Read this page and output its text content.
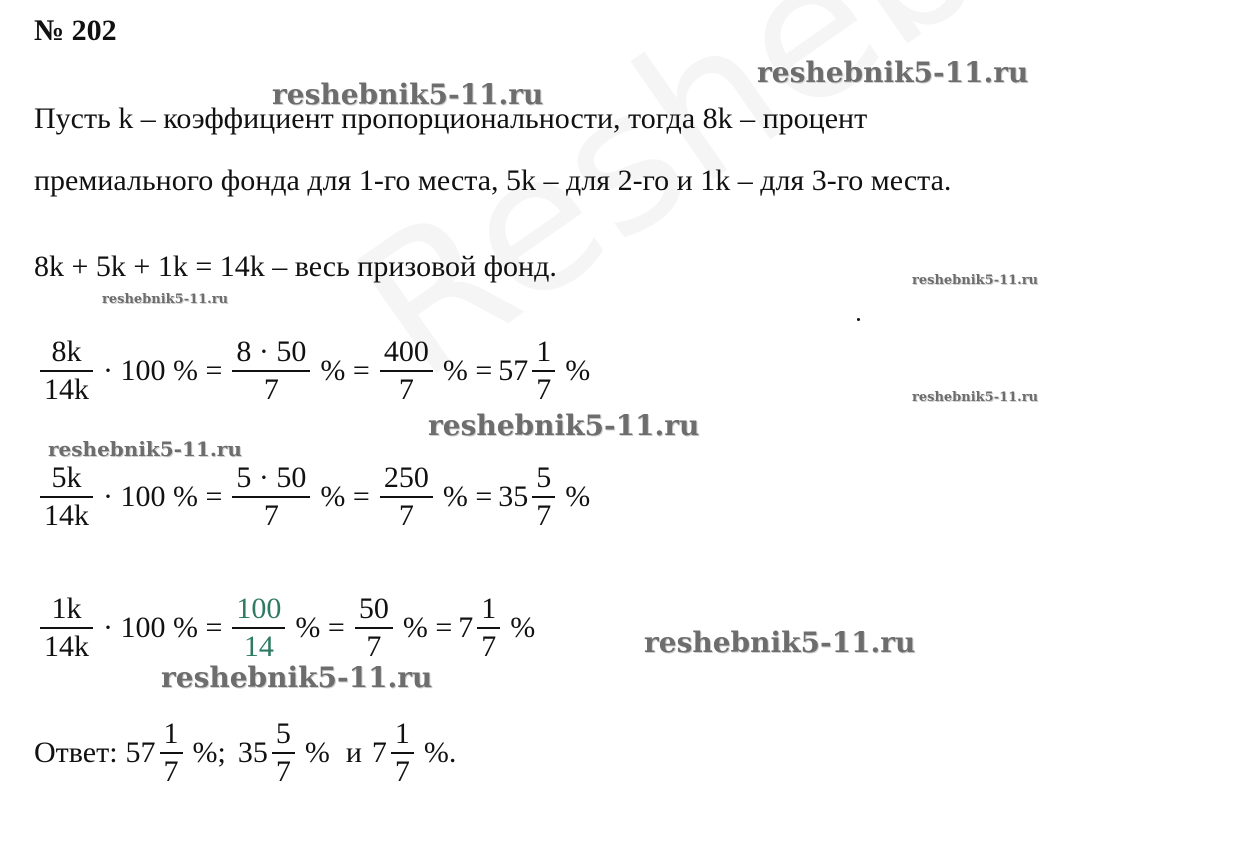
№ 202
reshebnik5-11.ru
reshebnik5-11.ru
reshebnik5-11.ru
reshebnik5-11.ru
reshebnik5-11.ru
reshebnik5-11.ru
reshebnik5-11.ru
reshebnik5-11.ru
reshebnik5-11.ru
Пусть k – коэффициент пропорциональности, тогда 8k – процент
премиального фонда для 1-го места, 5k – для 2-го и 1k – для 3-го места.
8k + 5k + 1k = 14k – весь призовой фонд.
$\frac{8k}{14k} \cdot 100$ % = $\frac{8 \cdot 50}{7}$ % = $\frac{400}{7}$ % = $57 \frac{1}{7}$ %
$\frac{5k}{14k} \cdot 100$ % = $\frac{5 \cdot 50}{7}$ % = $\frac{250}{7}$ % = $35 \frac{5}{7}$ %
$\frac{1k}{14k} \cdot 100$ % = $\frac{100}{14}$ % = $\frac{50}{7}$ % = $7 \frac{1}{7}$ %
Ответ: $57 \frac{1}{7}$ %; $35 \frac{5}{7}$ % и $7 \frac{1}{7}$ %.
